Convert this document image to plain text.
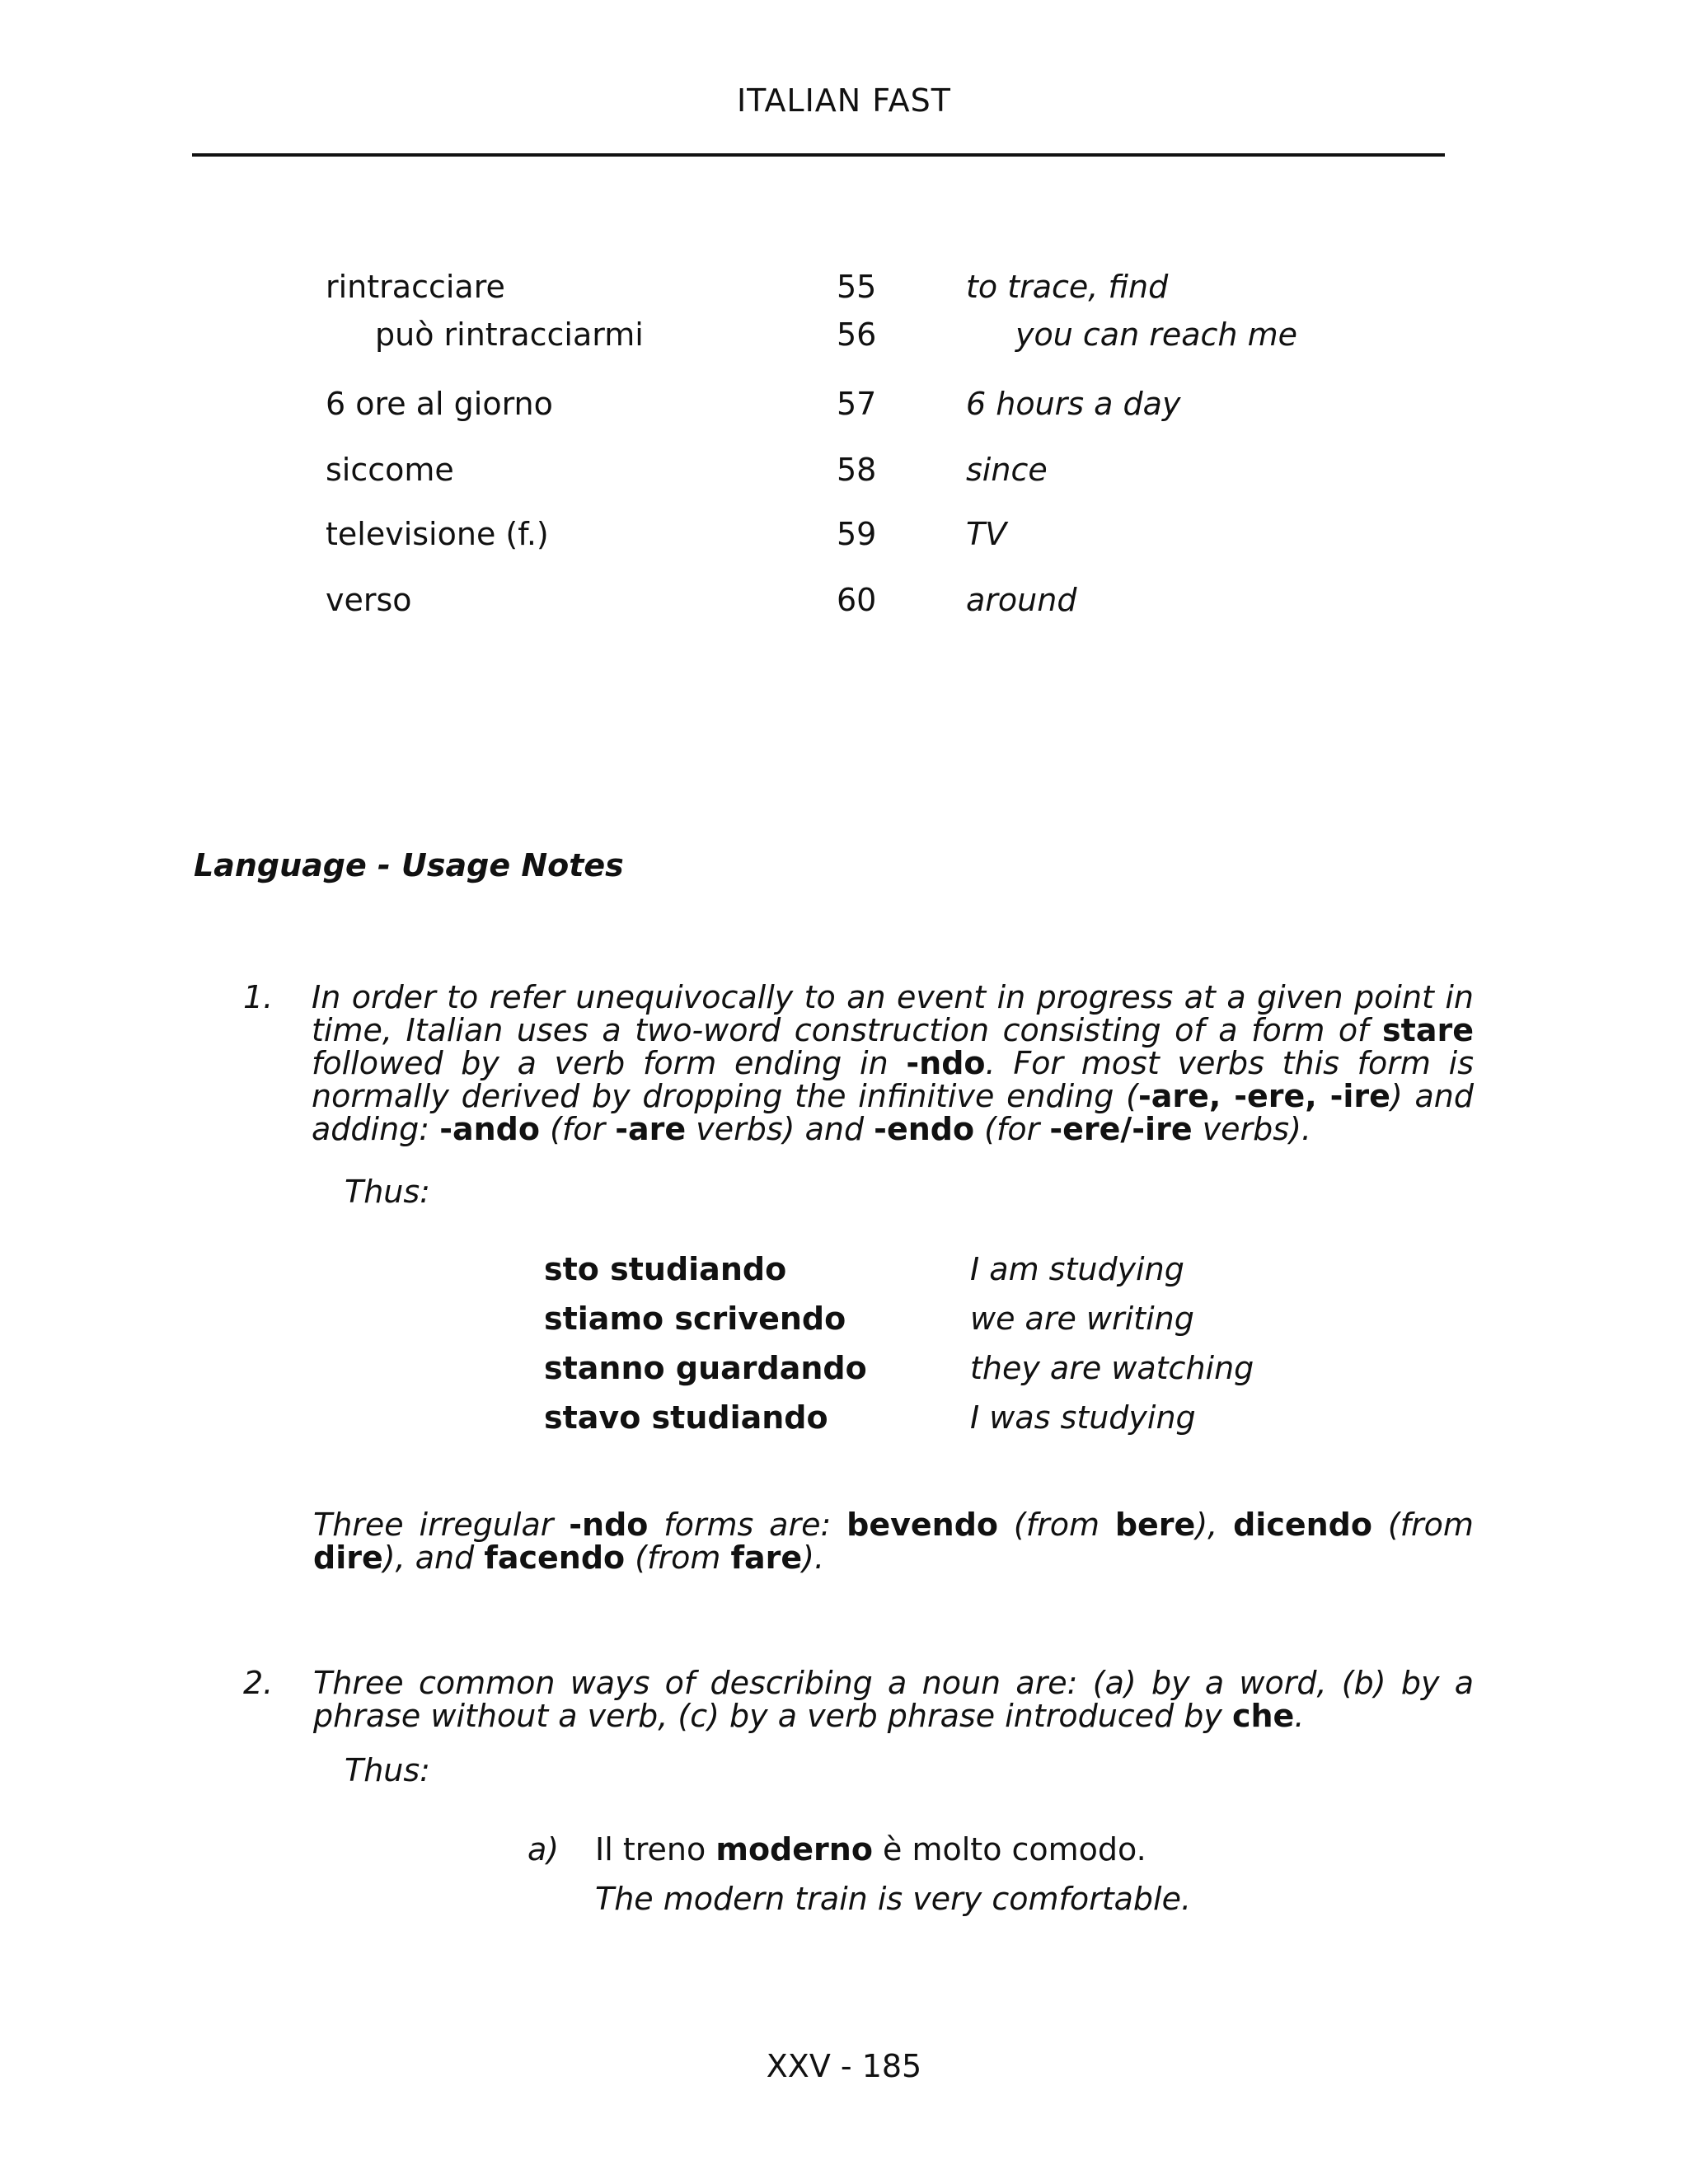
ITALIAN FAST
rintracciare	55	to trace, find
può rintracciarmi	56	you can reach me
6 ore al giorno	57	6 hours a day
siccome	58	since
televisione (f.)	59	TV
verso	60	around
Language - Usage Notes
1. In order to refer unequivocally to an event in progress at a given point in time, Italian uses a two-word construction consisting of a form of stare followed by a verb form ending in -ndo. For most verbs this form is normally derived by dropping the infinitive ending (-are, -ere, -ire) and adding: -ando (for -are verbs) and -endo (for -ere/-ire verbs).
Thus:
sto studiando	I am studying
stiamo scrivendo	we are writing
stanno guardando	they are watching
stavo studiando	I was studying
Three irregular -ndo forms are: bevendo (from bere), dicendo (from dire), and facendo (from fare).
2. Three common ways of describing a noun are: (a) by a word, (b) by a phrase without a verb, (c) by a verb phrase introduced by che.
Thus:
a) Il treno moderno è molto comodo.
The modern train is very comfortable.
XXV - 185
